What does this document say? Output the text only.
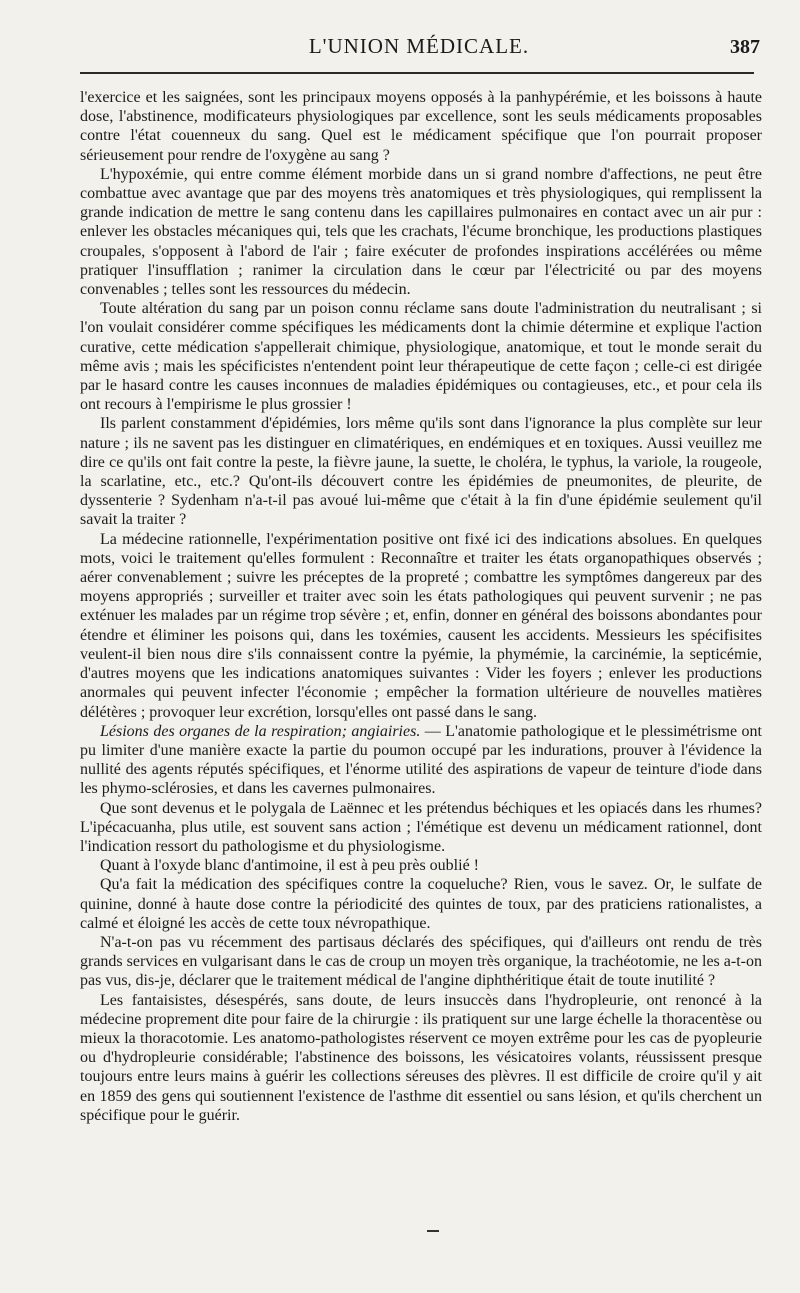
L'UNION MÉDICALE.	387

l'exercice et les saignées, sont les principaux moyens opposés à la panhypérémie, et les boissons à haute dose, l'abstinence, modificateurs physiologiques par excellence, sont les seuls médicaments proposables contre l'état couenneux du sang. Quel est le médicament spécifique que l'on pourrait proposer sérieusement pour rendre de l'oxygène au sang ?

L'hypoxémie, qui entre comme élément morbide dans un si grand nombre d'affections, ne peut être combattue avec avantage que par des moyens très anatomiques et très physiologiques, qui remplissent la grande indication de mettre le sang contenu dans les capillaires pulmonaires en contact avec un air pur : enlever les obstacles mécaniques qui, tels que les crachats, l'écume bronchique, les productions plastiques croupales, s'opposent à l'abord de l'air ; faire exécuter de profondes inspirations accélérées ou même pratiquer l'insufflation ; ranimer la circulation dans le cœur par l'électricité ou par des moyens convenables ; telles sont les ressources du médecin.

Toute altération du sang par un poison connu réclame sans doute l'administration du neutralisant ; si l'on voulait considérer comme spécifiques les médicaments dont la chimie détermine et explique l'action curative, cette médication s'appellerait chimique, physiologique, anatomique, et tout le monde serait du même avis ; mais les spécificistes n'entendent point leur thérapeutique de cette façon ; celle-ci est dirigée par le hasard contre les causes inconnues de maladies épidémiques ou contagieuses, etc., et pour cela ils ont recours à l'empirisme le plus grossier !

Ils parlent constamment d'épidémies, lors même qu'ils sont dans l'ignorance la plus complète sur leur nature ; ils ne savent pas les distinguer en climatériques, en endémiques et en toxiques. Aussi veuillez me dire ce qu'ils ont fait contre la peste, la fièvre jaune, la suette, le choléra, le typhus, la variole, la rougeole, la scarlatine, etc., etc.? Qu'ont-ils découvert contre les épidémies de pneumonites, de pleurite, de dyssenterie ? Sydenham n'a-t-il pas avoué lui-même que c'était à la fin d'une épidémie seulement qu'il savait la traiter ?

La médecine rationnelle, l'expérimentation positive ont fixé ici des indications absolues. En quelques mots, voici le traitement qu'elles formulent : Reconnaître et traiter les états organopathiques observés ; aérer convenablement ; suivre les préceptes de la propreté ; combattre les symptômes dangereux par des moyens appropriés ; surveiller et traiter avec soin les états pathologiques qui peuvent survenir ; ne pas exténuer les malades par un régime trop sévère ; et, enfin, donner en général des boissons abondantes pour étendre et éliminer les poisons qui, dans les toxémies, causent les accidents. Messieurs les spécifisites veulent-il bien nous dire s'ils connaissent contre la pyémie, la phymémie, la carcinémie, la septicémie, d'autres moyens que les indications anatomiques suivantes : Vider les foyers ; enlever les productions anormales qui peuvent infecter l'économie ; empêcher la formation ultérieure de nouvelles matières délétères ; provoquer leur excrétion, lorsqu'elles ont passé dans le sang.

Lésions des organes de la respiration; angiairies. — L'anatomie pathologique et le plessimétrisme ont pu limiter d'une manière exacte la partie du poumon occupé par les indurations, prouver à l'évidence la nullité des agents réputés spécifiques, et l'énorme utilité des aspirations de vapeur de teinture d'iode dans les phymo-sclérosies, et dans les cavernes pulmonaires.

Que sont devenus et le polygala de Laënnec et les prétendus béchiques et les opiacés dans les rhumes? L'ipécacuanha, plus utile, est souvent sans action ; l'émétique est devenu un médicament rationnel, dont l'indication ressort du pathologisme et du physiologisme.

Quant à l'oxyde blanc d'antimoine, il est à peu près oublié !

Qu'a fait la médication des spécifiques contre la coqueluche? Rien, vous le savez. Or, le sulfate de quinine, donné à haute dose contre la périodicité des quintes de toux, par des praticiens rationalistes, a calmé et éloigné les accès de cette toux névropathique.

N'a-t-on pas vu récemment des partisaus déclarés des spécifiques, qui d'ailleurs ont rendu de très grands services en vulgarisant dans le cas de croup un moyen très organique, la trachéotomie, ne les a-t-on pas vus, dis-je, déclarer que le traitement médical de l'angine diphthéritique était de toute inutilité ?

Les fantaisistes, désespérés, sans doute, de leurs insuccès dans l'hydropleurie, ont renoncé à la médecine proprement dite pour faire de la chirurgie : ils pratiquent sur une large échelle la thoracentèse ou mieux la thoracotomie. Les anatomo-pathologistes réservent ce moyen extrême pour les cas de pyopleurie ou d'hydropleurie considérable; l'abstinence des boissons, les vésicatoires volants, réussissent presque toujours entre leurs mains à guérir les collections séreuses des plèvres. Il est difficile de croire qu'il y ait en 1859 des gens qui soutiennent l'existence de l'asthme dit essentiel ou sans lésion, et qu'ils cherchent un spécifique pour le guérir.
